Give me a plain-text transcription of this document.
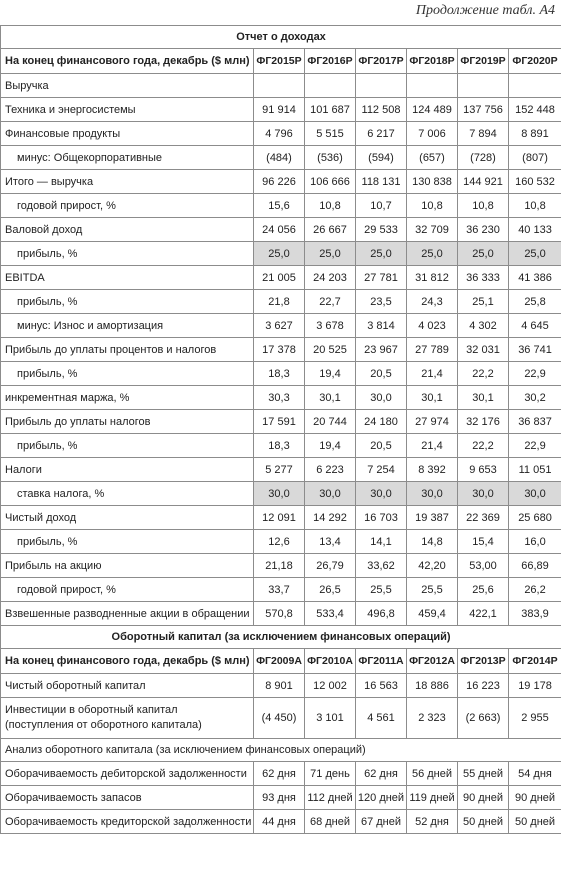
Продолжение табл. А4
Отчет о доходах						
На конец финансового года, декабрь ($ млн)	ФГ2015Р	ФГ2016Р	ФГ2017Р	ФГ2018Р	ФГ2019Р	ФГ2020Р
Выручка						
Техника и энергосистемы	91 914	101 687	112 508	124 489	137 756	152 448
Финансовые продукты	4 796	5 515	6 217	7 006	7 894	8 891
минус: Общекорпоративные	(484)	(536)	(594)	(657)	(728)	(807)
Итого — выручка	96 226	106 666	118 131	130 838	144 921	160 532
годовой прирост, %	15,6	10,8	10,7	10,8	10,8	10,8
Валовой доход	24 056	26 667	29 533	32 709	36 230	40 133
прибыль, %	25,0	25,0	25,0	25,0	25,0	25,0
EBITDA	21 005	24 203	27 781	31 812	36 333	41 386
прибыль, %	21,8	22,7	23,5	24,3	25,1	25,8
минус: Износ и амортизация	3 627	3 678	3 814	4 023	4 302	4 645
Прибыль до уплаты процентов и налогов	17 378	20 525	23 967	27 789	32 031	36 741
прибыль, %	18,3	19,4	20,5	21,4	22,2	22,9
инкрементная маржа, %	30,3	30,1	30,0	30,1	30,1	30,2
Прибыль до уплаты налогов	17 591	20 744	24 180	27 974	32 176	36 837
прибыль, %	18,3	19,4	20,5	21,4	22,2	22,9
Налоги	5 277	6 223	7 254	8 392	9 653	11 051
ставка налога, %	30,0	30,0	30,0	30,0	30,0	30,0
Чистый доход	12 091	14 292	16 703	19 387	22 369	25 680
прибыль, %	12,6	13,4	14,1	14,8	15,4	16,0
Прибыль на акцию	21,18	26,79	33,62	42,20	53,00	66,89
годовой прирост, %	33,7	26,5	25,5	25,5	25,6	26,2
Взвешенные разводненные акции в обращении	570,8	533,4	496,8	459,4	422,1	383,9
Оборотный капитал (за исключением финансовых операций)						
На конец финансового года, декабрь ($ млн)	ФГ2009А	ФГ2010А	ФГ2011А	ФГ2012А	ФГ2013Р	ФГ2014Р
Чистый оборотный капитал	8 901	12 002	16 563	18 886	16 223	19 178
Инвестиции в оборотный капитал (поступления от оборотного капитала)	(4 450)	3 101	4 561	2 323	(2 663)	2 955
Анализ оборотного капитала (за исключением финансовых операций)						
Оборачиваемость дебиторской задолженности	62 дня	71 день	62 дня	56 дней	55 дней	54 дня
Оборачиваемость запасов	93 дня	112 дней	120 дней	119 дней	90 дней	90 дней
Оборачиваемость кредиторской задолженности	44 дня	68 дней	67 дней	52 дня	50 дней	50 дней
